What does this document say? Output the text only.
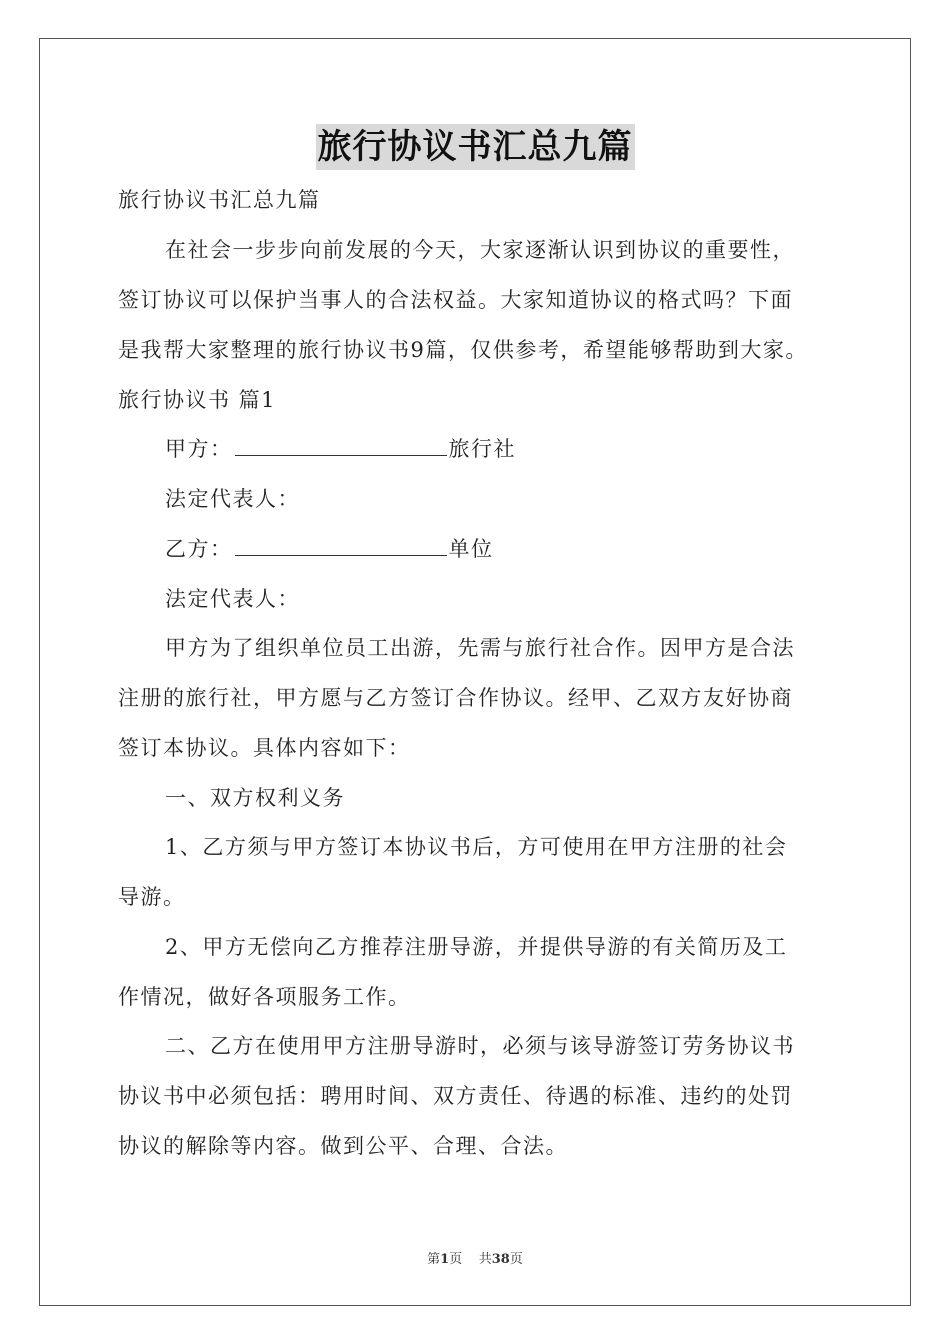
旅行协议书汇总九篇
旅行协议书汇总九篇
在社会一步步向前发展的今天，大家逐渐认识到协议的重要性，
签订协议可以保护当事人的合法权益。大家知道协议的格式吗？下面
是我帮大家整理的旅行协议书9篇，仅供参考，希望能够帮助到大家。
旅行协议书 篇1
甲方：	旅行社
法定代表人：
乙方：	单位
法定代表人：
甲方为了组织单位员工出游，先需与旅行社合作。因甲方是合法
注册的旅行社，甲方愿与乙方签订合作协议。经甲、乙双方友好协商
签订本协议。具体内容如下：
一、双方权利义务
1、乙方须与甲方签订本协议书后，方可使用在甲方注册的社会
导游。
2、甲方无偿向乙方推荐注册导游，并提供导游的有关简历及工
作情况，做好各项服务工作。
二、乙方在使用甲方注册导游时，必须与该导游签订劳务协议书
协议书中必须包括：聘用时间、双方责任、待遇的标准、违约的处罚
协议的解除等内容。做到公平、合理、合法。
第1页 共38页
